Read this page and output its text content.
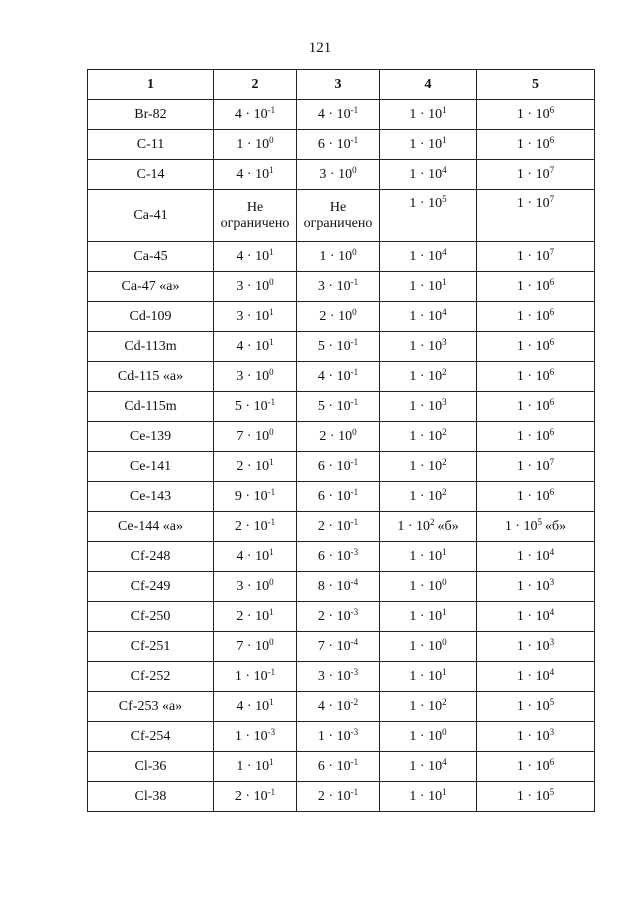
121
1	2	3	4	5
Br-82	$4 \cdot 10^{-1}$	$4 \cdot 10^{-1}$	$1 \cdot 10^1$	$1 \cdot 10^6$
C-11	$1 \cdot 10^0$	$6 \cdot 10^{-1}$	$1 \cdot 10^1$	$1 \cdot 10^6$
C-14	$4 \cdot 10^1$	$3 \cdot 10^0$	$1 \cdot 10^4$	$1 \cdot 10^7$
Ca-41	Не ограничено	Не ограничено	$1 \cdot 10^5$	$1 \cdot 10^7$
Ca-45	$4 \cdot 10^1$	$1 \cdot 10^0$	$1 \cdot 10^4$	$1 \cdot 10^7$
Ca-47 «а»	$3 \cdot 10^0$	$3 \cdot 10^{-1}$	$1 \cdot 10^1$	$1 \cdot 10^6$
Cd-109	$3 \cdot 10^1$	$2 \cdot 10^0$	$1 \cdot 10^4$	$1 \cdot 10^6$
Cd-113m	$4 \cdot 10^1$	$5 \cdot 10^{-1}$	$1 \cdot 10^3$	$1 \cdot 10^6$
Cd-115 «а»	$3 \cdot 10^0$	$4 \cdot 10^{-1}$	$1 \cdot 10^2$	$1 \cdot 10^6$
Cd-115m	$5 \cdot 10^{-1}$	$5 \cdot 10^{-1}$	$1 \cdot 10^3$	$1 \cdot 10^6$
Ce-139	$7 \cdot 10^0$	$2 \cdot 10^0$	$1 \cdot 10^2$	$1 \cdot 10^6$
Ce-141	$2 \cdot 10^1$	$6 \cdot 10^{-1}$	$1 \cdot 10^2$	$1 \cdot 10^7$
Ce-143	$9 \cdot 10^{-1}$	$6 \cdot 10^{-1}$	$1 \cdot 10^2$	$1 \cdot 10^6$
Ce-144 «а»	$2 \cdot 10^{-1}$	$2 \cdot 10^{-1}$	$1 \cdot 10^2$ «б»	$1 \cdot 10^5$ «б»
Cf-248	$4 \cdot 10^1$	$6 \cdot 10^{-3}$	$1 \cdot 10^1$	$1 \cdot 10^4$
Cf-249	$3 \cdot 10^0$	$8 \cdot 10^{-4}$	$1 \cdot 10^0$	$1 \cdot 10^3$
Cf-250	$2 \cdot 10^1$	$2 \cdot 10^{-3}$	$1 \cdot 10^1$	$1 \cdot 10^4$
Cf-251	$7 \cdot 10^0$	$7 \cdot 10^{-4}$	$1 \cdot 10^0$	$1 \cdot 10^3$
Cf-252	$1 \cdot 10^{-1}$	$3 \cdot 10^{-3}$	$1 \cdot 10^1$	$1 \cdot 10^4$
Cf-253 «а»	$4 \cdot 10^1$	$4 \cdot 10^{-2}$	$1 \cdot 10^2$	$1 \cdot 10^5$
Cf-254	$1 \cdot 10^{-3}$	$1 \cdot 10^{-3}$	$1 \cdot 10^0$	$1 \cdot 10^3$
Cl-36	$1 \cdot 10^1$	$6 \cdot 10^{-1}$	$1 \cdot 10^4$	$1 \cdot 10^6$
Cl-38	$2 \cdot 10^{-1}$	$2 \cdot 10^{-1}$	$1 \cdot 10^1$	$1 \cdot 10^5$
